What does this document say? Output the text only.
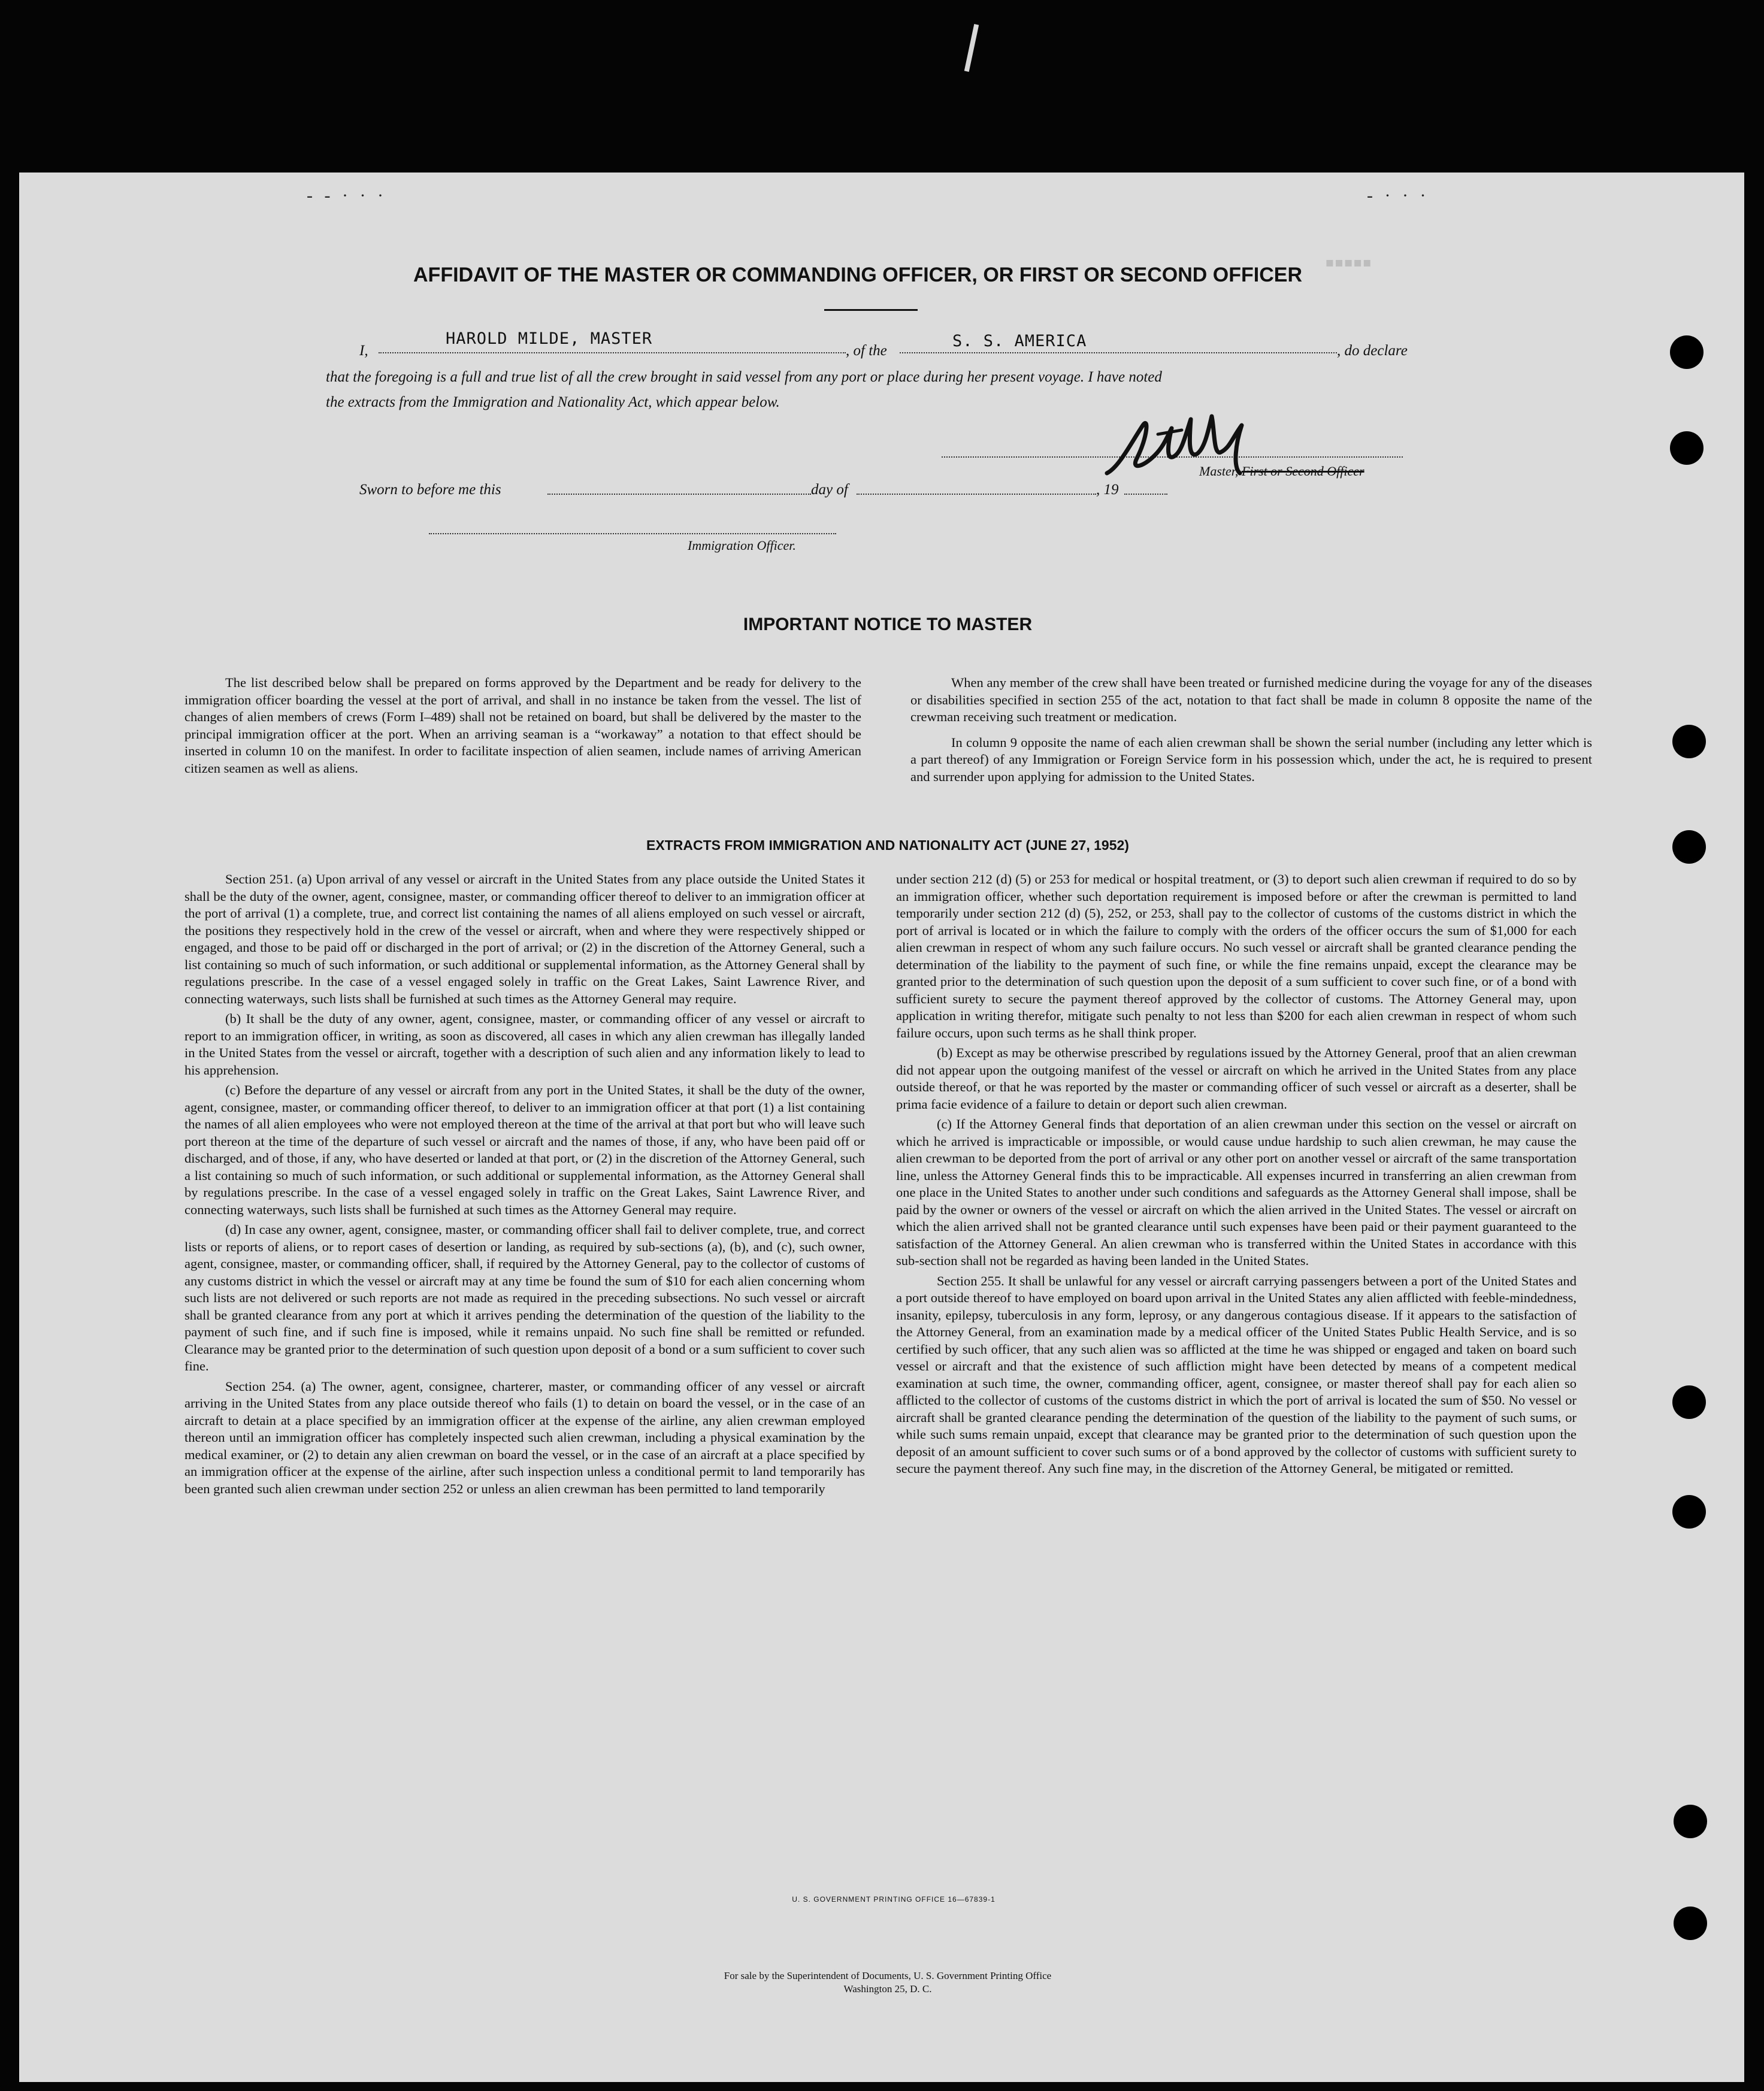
▪▪▪▪▪
- - · · ·	- · · ·
AFFIDAVIT OF THE MASTER OR COMMANDING OFFICER, OR FIRST OR SECOND OFFICER
I,
HAROLD MILDE, MASTER
, of the
S. S. AMERICA
, do declare
that the foregoing is a full and true list of all the crew brought in said vessel from any port or place during her present voyage. I have noted
the extracts from the Immigration and Nationality Act, which appear below.
Master, First or Second Officer
Sworn to before me this	day of	, 19
Immigration Officer.
IMPORTANT NOTICE TO MASTER

The list described below shall be prepared on forms approved by the Department and be ready for delivery to the immigration officer boarding the vessel at the port of arrival, and shall in no instance be taken from the vessel. The list of changes of alien members of crews (Form I–489) shall not be retained on board, but shall be delivered by the master to the principal immigration officer at the port. When an arriving seaman is a “workaway” a notation to that effect should be inserted in column 10 on the manifest. In order to facilitate inspection of alien seamen, include names of arriving American citizen seamen as well as aliens.

When any member of the crew shall have been treated or furnished medicine during the voyage for any of the diseases or disabilities specified in section 255 of the act, notation to that fact shall be made in column 8 opposite the name of the crewman receiving such treatment or medication.

In column 9 opposite the name of each alien crewman shall be shown the serial number (including any letter which is a part thereof) of any Immigration or Foreign Service form in his possession which, under the act, he is required to present and surrender upon applying for admission to the United States.

EXTRACTS FROM IMMIGRATION AND NATIONALITY ACT (JUNE 27, 1952)

Section 251. (a) Upon arrival of any vessel or aircraft in the United States from any place outside the United States it shall be the duty of the owner, agent, consignee, master, or commanding officer thereof to deliver to an immigration officer at the port of arrival (1) a complete, true, and correct list containing the names of all aliens employed on such vessel or aircraft, the positions they respectively hold in the crew of the vessel or aircraft, when and where they were respectively shipped or engaged, and those to be paid off or discharged in the port of arrival; or (2) in the discretion of the Attorney General, such a list containing so much of such information, or such additional or supplemental information, as the Attorney General shall by regulations prescribe. In the case of a vessel engaged solely in traffic on the Great Lakes, Saint Lawrence River, and connecting waterways, such lists shall be furnished at such times as the Attorney General may require.

(b) It shall be the duty of any owner, agent, consignee, master, or commanding officer of any vessel or aircraft to report to an immigration officer, in writing, as soon as discovered, all cases in which any alien crewman has illegally landed in the United States from the vessel or aircraft, together with a description of such alien and any information likely to lead to his apprehension.

(c) Before the departure of any vessel or aircraft from any port in the United States, it shall be the duty of the owner, agent, consignee, master, or commanding officer thereof, to deliver to an immigration officer at that port (1) a list containing the names of all alien employees who were not employed thereon at the time of the arrival at that port but who will leave such port thereon at the time of the departure of such vessel or aircraft and the names of those, if any, who have been paid off or discharged, and of those, if any, who have deserted or landed at that port, or (2) in the discretion of the Attorney General, such a list containing so much of such information, or such additional or supplemental information, as the Attorney General shall by regulations prescribe. In the case of a vessel engaged solely in traffic on the Great Lakes, Saint Lawrence River, and connecting waterways, such lists shall be furnished at such times as the Attorney General may require.

(d) In case any owner, agent, consignee, master, or commanding officer shall fail to deliver complete, true, and correct lists or reports of aliens, or to report cases of desertion or landing, as required by sub-sections (a), (b), and (c), such owner, agent, consignee, master, or commanding officer, shall, if required by the Attorney General, pay to the collector of customs of any customs district in which the vessel or aircraft may at any time be found the sum of $10 for each alien concerning whom such lists are not delivered or such reports are not made as required in the preceding subsections. No such vessel or aircraft shall be granted clearance from any port at which it arrives pending the determination of the question of the liability to the payment of such fine, and if such fine is imposed, while it remains unpaid. No such fine shall be remitted or refunded. Clearance may be granted prior to the determination of such question upon deposit of a bond or a sum sufficient to cover such fine.

Section 254. (a) The owner, agent, consignee, charterer, master, or commanding officer of any vessel or aircraft arriving in the United States from any place outside thereof who fails (1) to detain on board the vessel, or in the case of an aircraft to detain at a place specified by an immigration officer at the expense of the airline, any alien crewman employed thereon until an immigration officer has completely inspected such alien crewman, including a physical examination by the medical examiner, or (2) to detain any alien crewman on board the vessel, or in the case of an aircraft at a place specified by an immigration officer at the expense of the airline, after such inspection unless a conditional permit to land temporarily has been granted such alien crewman under section 252 or unless an alien crewman has been permitted to land temporarily

under section 212 (d) (5) or 253 for medical or hospital treatment, or (3) to deport such alien crewman if required to do so by an immigration officer, whether such deportation requirement is imposed before or after the crewman is permitted to land temporarily under section 212 (d) (5), 252, or 253, shall pay to the collector of customs of the customs district in which the port of arrival is located or in which the failure to comply with the orders of the officer occurs the sum of $1,000 for each alien crewman in respect of whom any such failure occurs. No such vessel or aircraft shall be granted clearance pending the determination of the liability to the payment of such fine, or while the fine remains unpaid, except the clearance may be granted prior to the determination of such question upon the deposit of a sum sufficient to cover such fine, or of a bond with sufficient surety to secure the payment thereof approved by the collector of customs. The Attorney General may, upon application in writing therefor, mitigate such penalty to not less than $200 for each alien crewman in respect of whom such failure occurs, upon such terms as he shall think proper.

(b) Except as may be otherwise prescribed by regulations issued by the Attorney General, proof that an alien crewman did not appear upon the outgoing manifest of the vessel or aircraft on which he arrived in the United States from any place outside thereof, or that he was reported by the master or commanding officer of such vessel or aircraft as a deserter, shall be prima facie evidence of a failure to detain or deport such alien crewman.

(c) If the Attorney General finds that deportation of an alien crewman under this section on the vessel or aircraft on which he arrived is impracticable or impossible, or would cause undue hardship to such alien crewman, he may cause the alien crewman to be deported from the port of arrival or any other port on another vessel or aircraft of the same transportation line, unless the Attorney General finds this to be impracticable. All expenses incurred in transferring an alien crewman from one place in the United States to another under such conditions and safeguards as the Attorney General shall impose, shall be paid by the owner or owners of the vessel or aircraft on which the alien arrived in the United States. The vessel or aircraft on which the alien arrived shall not be granted clearance until such expenses have been paid or their payment guaranteed to the satisfaction of the Attorney General. An alien crewman who is transferred within the United States in accordance with this sub-section shall not be regarded as having been landed in the United States.

Section 255. It shall be unlawful for any vessel or aircraft carrying passengers between a port of the United States and a port outside thereof to have employed on board upon arrival in the United States any alien afflicted with feeble-mindedness, insanity, epilepsy, tuberculosis in any form, leprosy, or any dangerous contagious disease. If it appears to the satisfaction of the Attorney General, from an examination made by a medical officer of the United States Public Health Service, and is so certified by such officer, that any such alien was so afflicted at the time he was shipped or engaged and taken on board such vessel or aircraft and that the existence of such affliction might have been detected by means of a competent medical examination at such time, the owner, commanding officer, agent, consignee, or master thereof shall pay for each alien so afflicted to the collector of customs of the customs district in which the port of arrival is located the sum of $50. No vessel or aircraft shall be granted clearance pending the determination of the question of the liability to the payment of such sums, or while such sums remain unpaid, except that clearance may be granted prior to the determination of such question upon the deposit of an amount sufficient to cover such sums or of a bond approved by the collector of customs with sufficient surety to secure the payment thereof. Any such fine may, in the discretion of the Attorney General, be mitigated or remitted.

U. S. GOVERNMENT PRINTING OFFICE 16—67839-1
For sale by the Superintendent of Documents, U. S. Government Printing Office
Washington 25, D. C.
